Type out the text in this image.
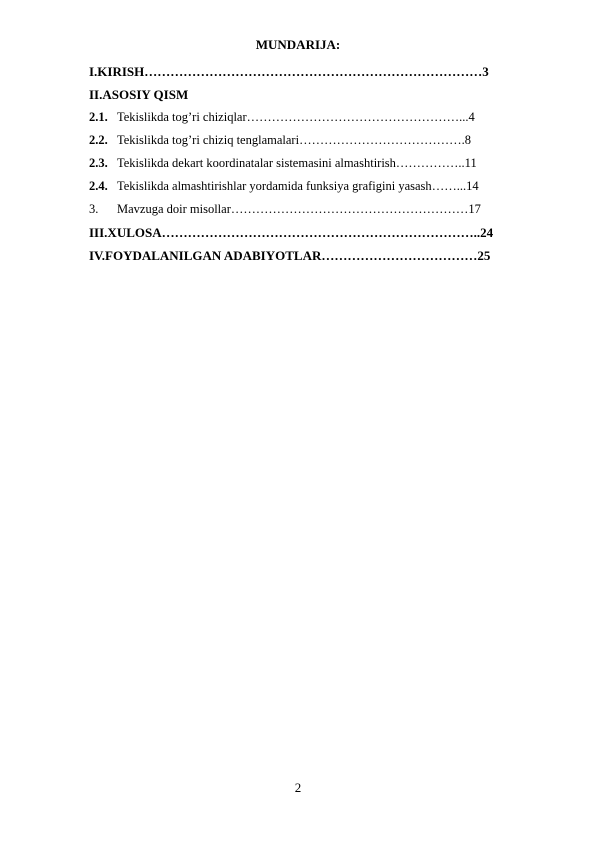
MUNDARIJA:
I.KIRISH……………………………………………………………………3
II.ASOSIY QISM
2.1. Tekislikda tog’ri chiziqlar……………………………………………...4
2.2. Tekislikda tog’ri chiziq tenglamalari………………………………….8
2.3. Tekislikda dekart koordinatalar sistemasini almashtirish……………..11
2.4. Tekislikda almashtirishlar yordamida funksiya grafigini yasash……...14
3. Mavzuga doir misollar…………………………………………………17
III.XULOSA………………………………………………………………..24
IV.FOYDALANILGAN ADABIYOTLAR………………………………25
2
